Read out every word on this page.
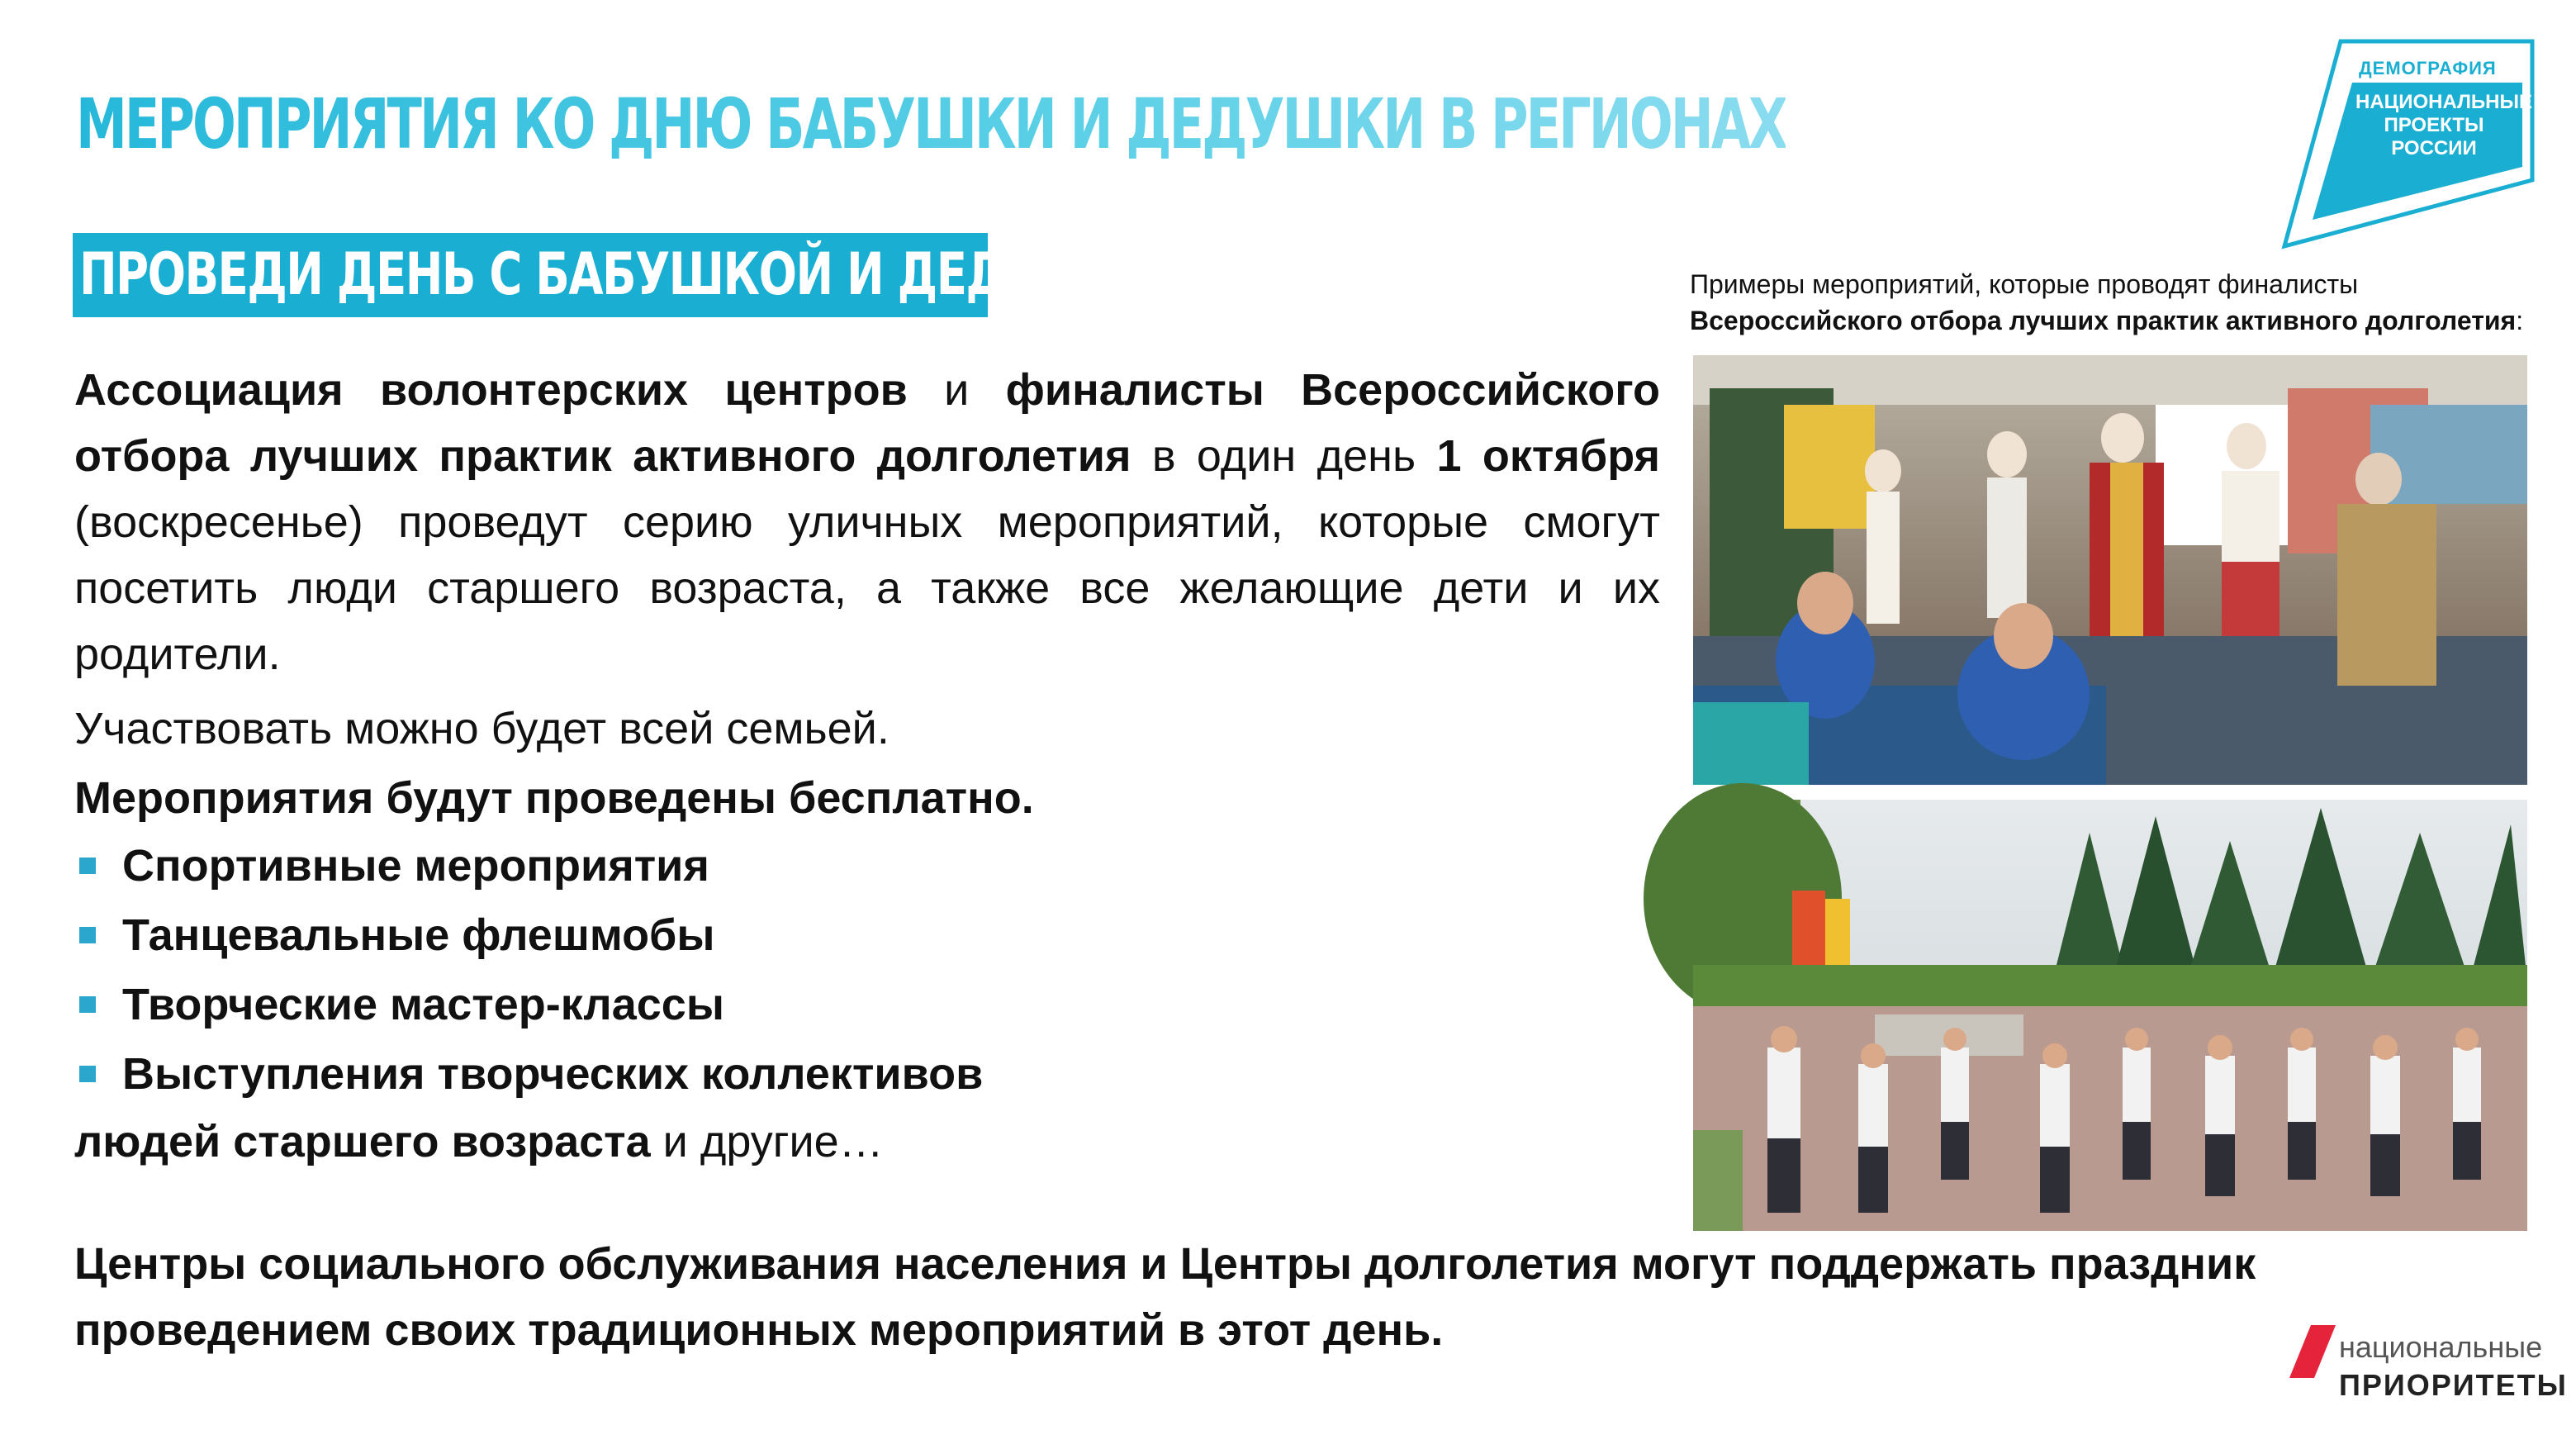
МЕРОПРИЯТИЯ КО ДНЮ БАБУШКИ И ДЕДУШКИ В РЕГИОНАХ
ПРОВЕДИ ДЕНЬ С БАБУШКОЙ И ДЕДУШКОЙ
ДЕМОГРАФИЯ
НАЦИОНАЛЬНЫЕ ПРОЕКТЫ РОССИИ

Ассоциация волонтерских центров и финалисты Всероссийского отбора лучших практик активного долголетия в один день 1 октября (воскресенье) проведут серию уличных мероприятий, которые смогут посетить люди старшего возраста, а также все желающие дети и их родители.

Участвовать можно будет всей семьей.

Мероприятия будут проведены бесплатно.

Спортивные мероприятия
Танцевальные флешмобы
Творческие мастер-классы
Выступления творческих коллективов

людей старшего возраста и другие…

Примеры мероприятий, которые проводят финалисты
Всероссийского отбора лучших практик активного долголетия:
Центры социального обслуживания населения и Центры долголетия могут поддержать праздник
проведением своих традиционных мероприятий в этот день.	национальные
ПРИОРИТЕТЫ
